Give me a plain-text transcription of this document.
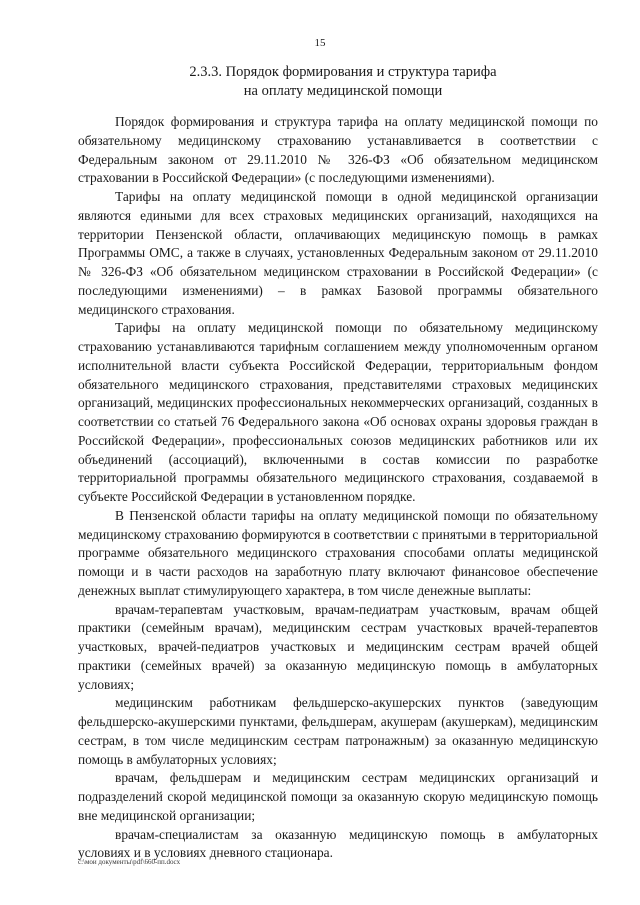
15
2.3.3. Порядок формирования и структура тарифа
на оплату медицинской помощи

Порядок формирования и структура тарифа на оплату медицинской помощи по обязательному медицинскому страхованию устанавливается в соответствии с Федеральным законом от 29.11.2010 № 326-ФЗ «Об обязательном медицинском страховании в Российской Федерации» (с последующими изменениями).

Тарифы на оплату медицинской помощи в одной медицинской организации являются едиными для всех страховых медицинских организаций, находящихся на территории Пензенской области, оплачивающих медицинскую помощь в рамках Программы ОМС, а также в случаях, установленных Федеральным законом от 29.11.2010 № 326-ФЗ «Об обязательном медицинском страховании в Российской Федерации» (с последующими изменениями) – в рамках Базовой программы обязательного медицинского страхования.

Тарифы на оплату медицинской помощи по обязательному медицинскому страхованию устанавливаются тарифным соглашением между уполномоченным органом исполнительной власти субъекта Российской Федерации, территориальным фондом обязательного медицинского страхования, представителями страховых медицинских организаций, медицинских профессиональных некоммерческих организаций, созданных в соответствии со статьей 76 Федерального закона «Об основах охраны здоровья граждан в Российской Федерации», профессиональных союзов медицинских работников или их объединений (ассоциаций), включенными в состав комиссии по разработке территориальной программы обязательного медицинского страхования, создаваемой в субъекте Российской Федерации в установленном порядке.

В Пензенской области тарифы на оплату медицинской помощи по обязательному медицинскому страхованию формируются в соответствии с принятыми в территориальной программе обязательного медицинского страхования способами оплаты медицинской помощи и в части расходов на заработную плату включают финансовое обеспечение денежных выплат стимулирующего характера, в том числе денежные выплаты:

врачам-терапевтам участковым, врачам-педиатрам участковым, врачам общей практики (семейным врачам), медицинским сестрам участковых врачей-терапевтов участковых, врачей-педиатров участковых и медицинским сестрам врачей общей практики (семейных врачей) за оказанную медицинскую помощь в амбулаторных условиях;

медицинским работникам фельдшерско-акушерских пунктов (заведующим фельдшерско-акушерскими пунктами, фельдшерам, акушерам (акушеркам), медицинским сестрам, в том числе медицинским сестрам патронажным) за оказанную медицинскую помощь в амбулаторных условиях;

врачам, фельдшерам и медицинским сестрам медицинских организаций и подразделений скорой медицинской помощи за оказанную скорую медицинскую помощь вне медицинской организации;

врачам-специалистам за оказанную медицинскую помощь в амбулаторных условиях и в условиях дневного стационара.

c:\мои документы\pdf\660-пп.docx
